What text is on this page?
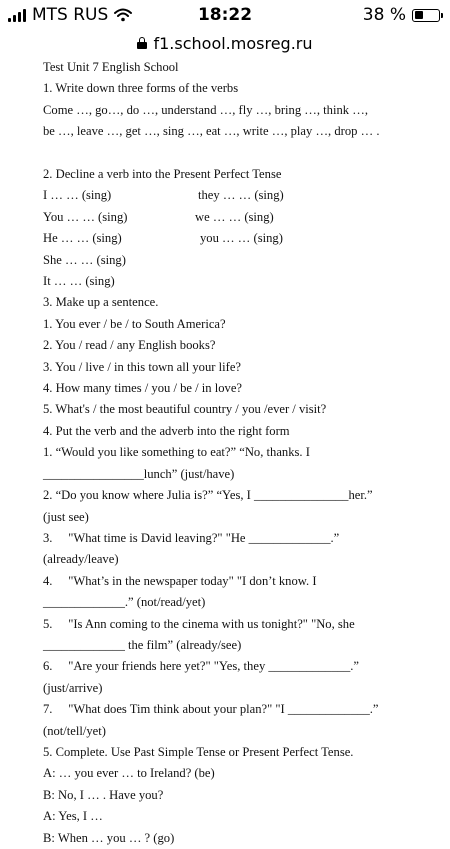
MTS RUS	18:22	38 %
f1.school.mosreg.ru
Test Unit 7 English School
1. Write down three forms of the verbs
Come …, go…, do …, understand …, fly …, bring …, think …,
be …, leave …, get …, sing …, eat …, write …, play …, drop … .
2. Decline a verb into the Present Perfect Tense
I … … (sing)	they … … (sing)
You … … (sing)	we … … (sing)
He … … (sing)	you … … (sing)
She … … (sing)
It … … (sing)
3. Make up a sentence.
1. You ever / be / to South America?
2. You / read / any English books?
3. You / live / in this town all your life?
4. How many times / you / be / in love?
5. What's / the most beautiful country / you /ever / visit?
4. Put the verb and the adverb into the right form
1. “Would you like something to eat?” “No, thanks. I
________________lunch” (just/have)
2. “Do you know where Julia is?” “Yes, I _______________her.”
(just see)
3.     "What time is David leaving?" "He _____________.”
(already/leave)
4.     "What’s in the newspaper today" "I don’t know. I
_____________.” (not/read/yet)
5.     "Is Ann coming to the cinema with us tonight?" "No, she
_____________ the film” (already/see)
6.     "Are your friends here yet?" "Yes, they _____________.”
(just/arrive)
7.     "What does Tim think about your plan?" "I _____________.”
(not/tell/yet)
5. Complete. Use Past Simple Tense or Present Perfect Tense.
A: … you ever … to Ireland? (be)
B: No, I … . Have you?
A: Yes, I …
B: When … you … ? (go)
